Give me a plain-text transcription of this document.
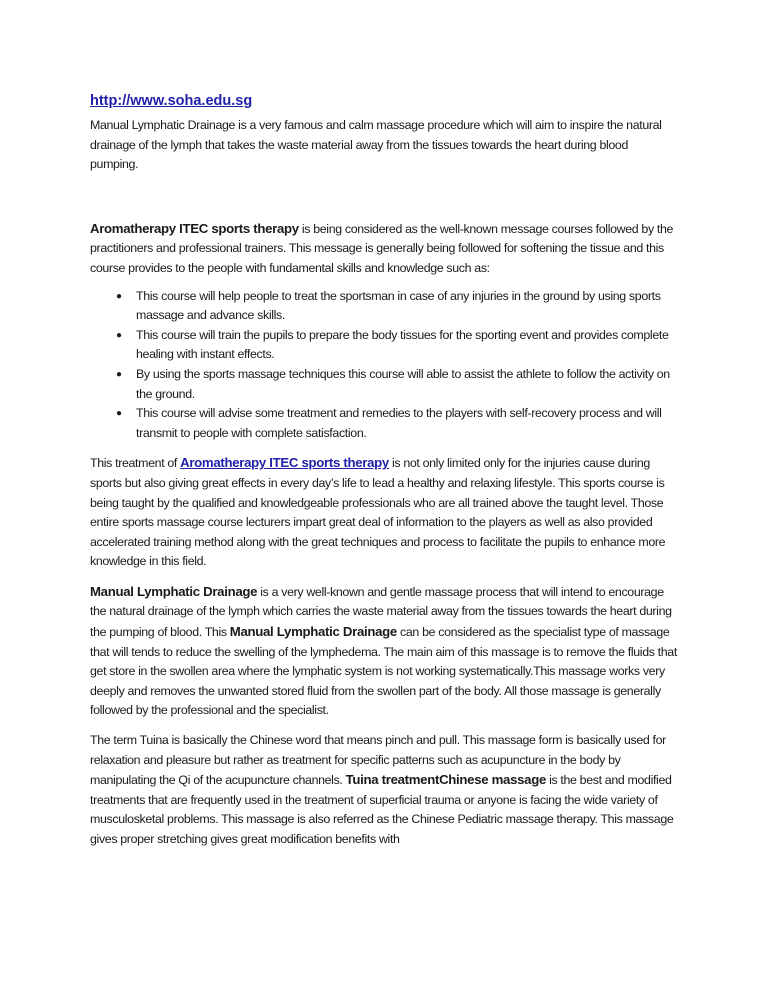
http://www.soha.edu.sg

Manual Lymphatic Drainage is a very famous and calm massage procedure which will aim to inspire the natural drainage of the lymph that takes the waste material away from the tissues towards the heart during blood pumping.

Aromatherapy ITEC sports therapy is being considered as the well-known message courses followed by the practitioners and professional trainers. This message is generally being followed for softening the tissue and this course provides to the people with fundamental skills and knowledge such as:

● This course will help people to treat the sportsman in case of any injuries in the ground by using sports massage and advance skills.
● This course will train the pupils to prepare the body tissues for the sporting event and provides complete healing with instant effects.
● By using the sports massage techniques this course will able to assist the athlete to follow the activity on the ground.
● This course will advise some treatment and remedies to the players with self-recovery process and will transmit to people with complete satisfaction.

This treatment of Aromatherapy ITEC sports therapy is not only limited only for the injuries cause during sports but also giving great effects in every day’s life to lead a healthy and relaxing lifestyle. This sports course is being taught by the qualified and knowledgeable professionals who are all trained above the taught level. Those entire sports massage course lecturers impart great deal of information to the players as well as also provided accelerated training method along with the great techniques and process to facilitate the pupils to enhance more knowledge in this field.

Manual Lymphatic Drainage is a very well-known and gentle massage process that will intend to encourage the natural drainage of the lymph which carries the waste material away from the tissues towards the heart during the pumping of blood. This Manual Lymphatic Drainage can be considered as the specialist type of massage that will tends to reduce the swelling of the lymphedema. The main aim of this massage is to remove the fluids that get store in the swollen area where the lymphatic system is not working systematically.This massage works very deeply and removes the unwanted stored fluid from the swollen part of the body. All those massage is generally followed by the professional and the specialist.

The term Tuina is basically the Chinese word that means pinch and pull. This massage form is basically used for relaxation and pleasure but rather as treatment for specific patterns such as acupuncture in the body by manipulating the Qi of the acupuncture channels. Tuina treatmentChinese massage is the best and modified treatments that are frequently used in the treatment of superficial trauma or anyone is facing the wide variety of musculosketal problems. This massage is also referred as the Chinese Pediatric massage therapy. This massage gives proper stretching gives great modification benefits with
